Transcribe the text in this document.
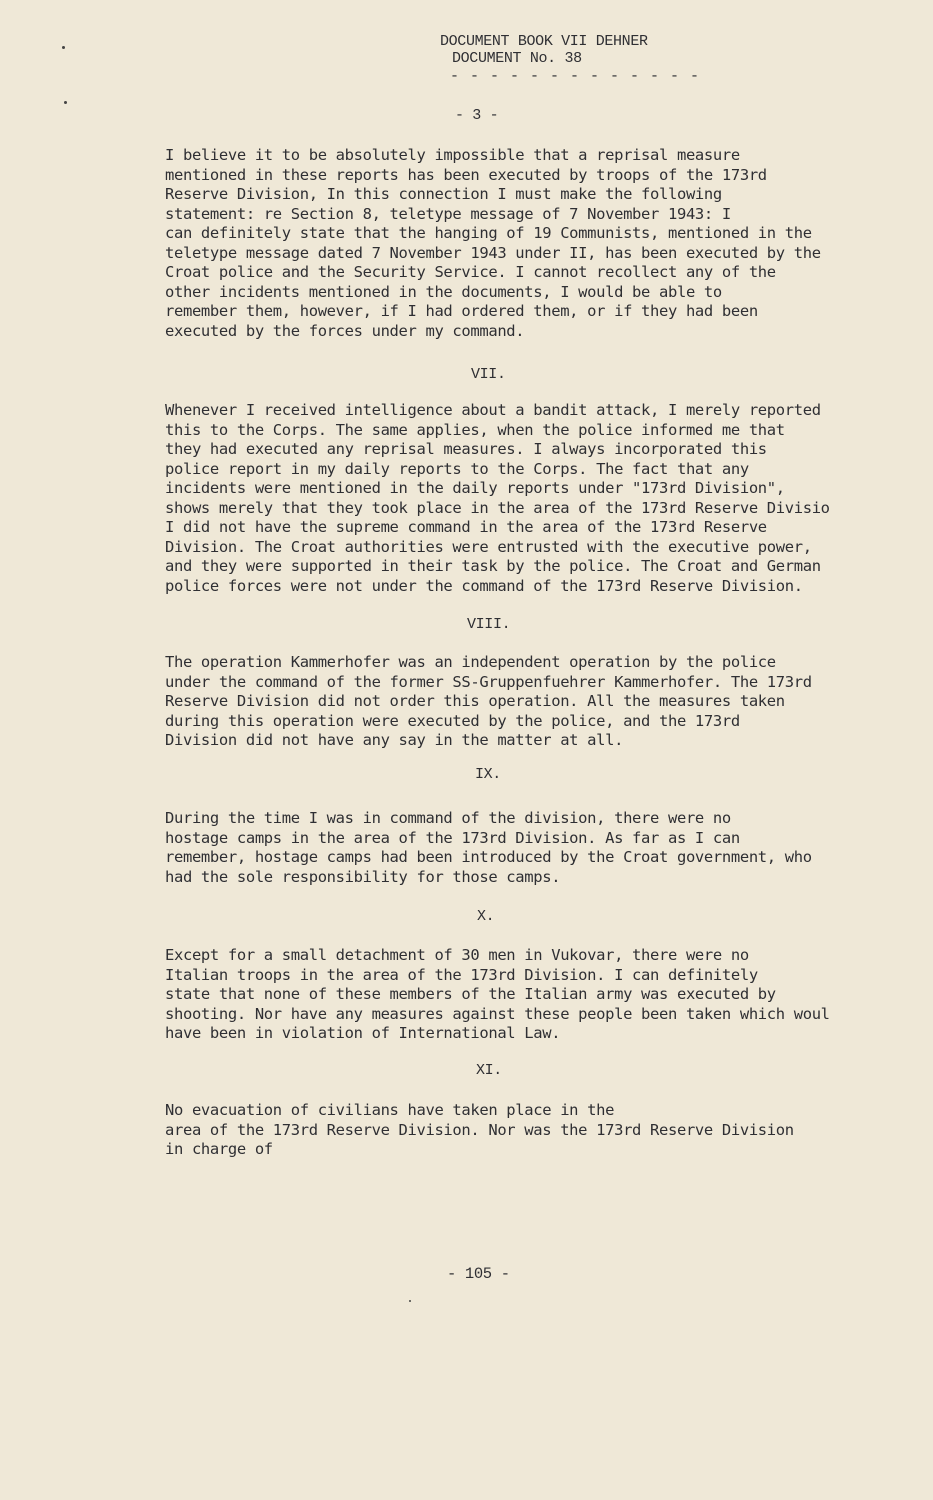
DOCUMENT BOOK VII DEHNER
DOCUMENT No. 38
- - - - - - - - - - - - -
- 3 -
I believe it to be absolutely impossible that a reprisal measure
mentioned in these reports has been executed by troops of the 173rd
Reserve Division, In this connection I must make the following
statement: re Section 8, teletype message of 7 November 1943: I
can definitely state that the hanging of 19 Communists, mentioned in the
teletype message dated 7 November 1943 under II, has been executed by the
Croat police and the Security Service. I cannot recollect any of the
other incidents mentioned in the documents, I would be able to
remember them, however, if I had ordered them, or if they had been
executed by the forces under my command.
VII.
Whenever I received intelligence about a bandit attack, I merely reported
this to the Corps. The same applies, when the police informed me that
they had executed any reprisal measures. I always incorporated this
police report in my daily reports to the Corps. The fact that any
incidents were mentioned in the daily reports under "173rd Division",
shows merely that they took place in the area of the 173rd Reserve Divisio
I did not have the supreme command in the area of the 173rd Reserve
Division. The Croat authorities were entrusted with the executive power,
and they were supported in their task by the police. The Croat and German
police forces were not under the command of the 173rd Reserve Division.
VIII.
The operation Kammerhofer was an independent operation by the police
under the command of the former SS-Gruppenfuehrer Kammerhofer. The 173rd
Reserve Division did not order this operation. All the measures taken
during this operation were executed by the police, and the 173rd
Division did not have any say in the matter at all.
IX.
During the time I was in command of the division, there were no
hostage camps in the area of the 173rd Division. As far as I can
remember, hostage camps had been introduced by the Croat government, who
had the sole responsibility for those camps.
X.
Except for a small detachment of 30 men in Vukovar, there were no
Italian troops in the area of the 173rd Division. I can definitely
state that none of these members of the Italian army was executed by
shooting. Nor have any measures against these people been taken which woul
have been in violation of International Law.
XI.
No evacuation of civilians have taken place in the
area of the 173rd Reserve Division. Nor was the 173rd Reserve Division
in charge of
- 105 -
